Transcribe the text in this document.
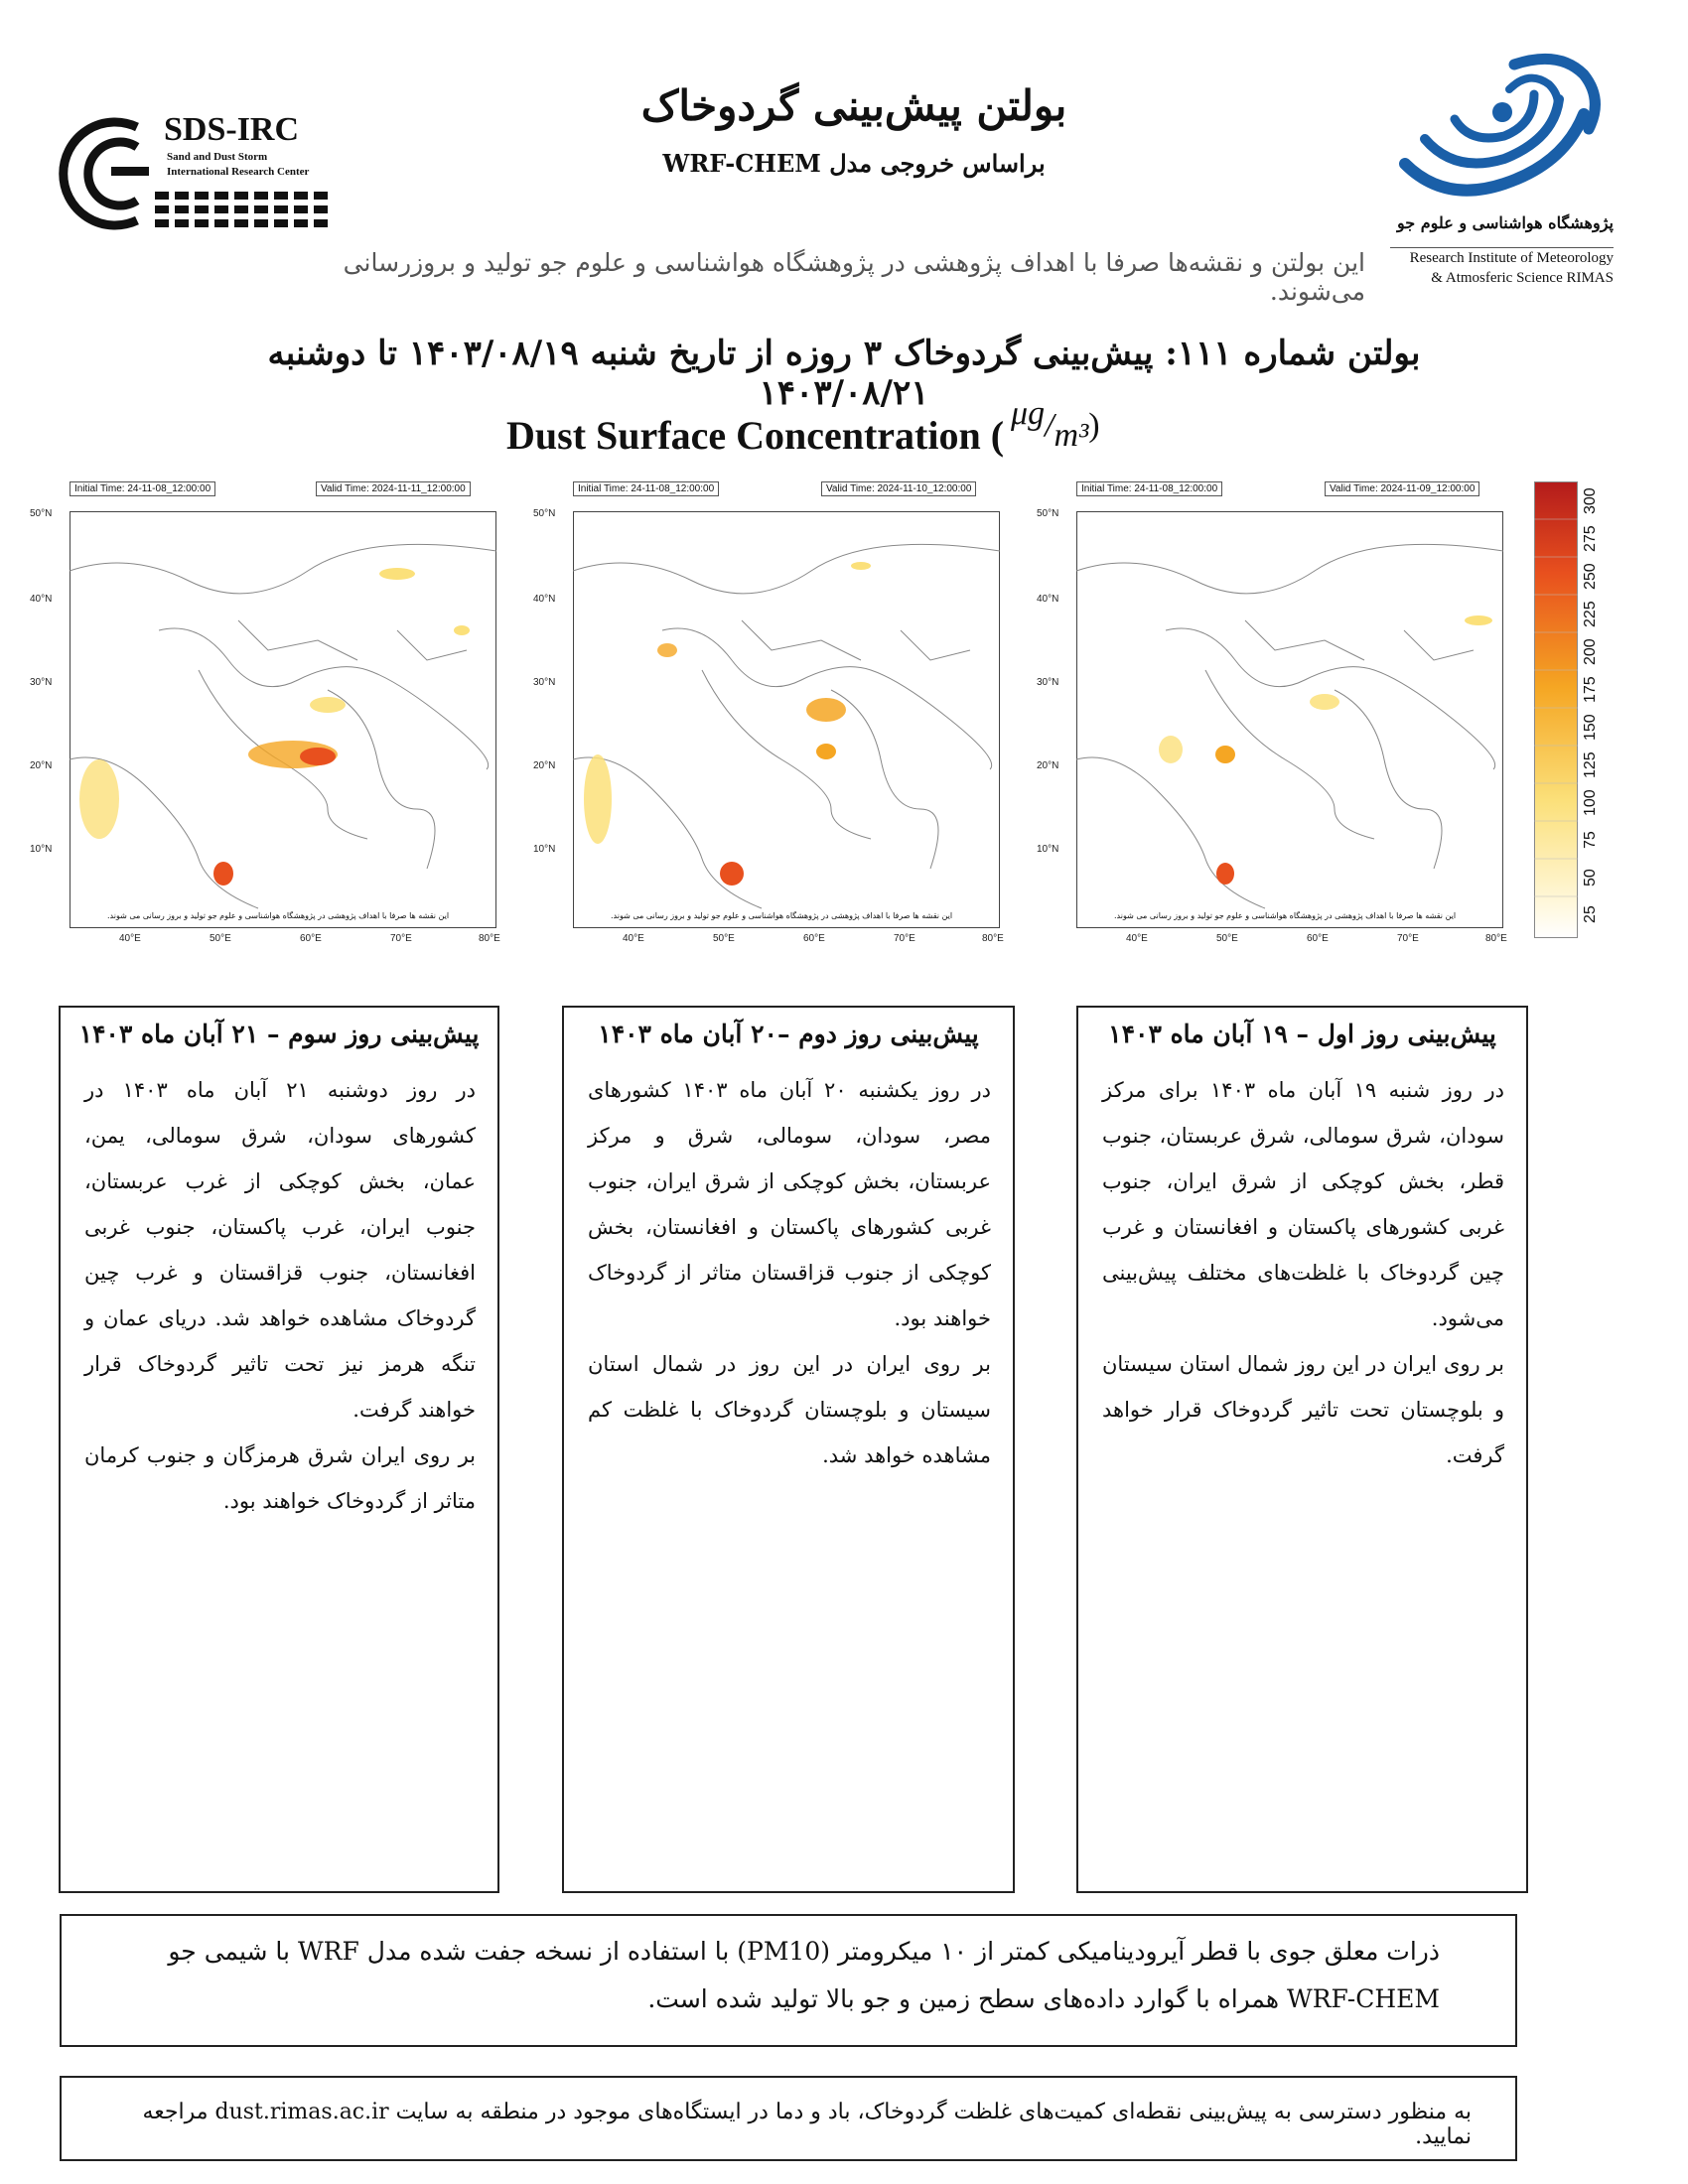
SDS-IRC
Sand and Dust Storm
International Research Center
بولتن پیش‌بینی گردوخاک
براساس خروجی مدل WRF-CHEM
پژوهشگاه هواشناسی و علوم جو
Research Institute of Meteorology
& Atmosferic Science RIMAS
این بولتن و نقشه‌ها صرفا با اهداف پژوهشی در پژوهشگاه هواشناسی و علوم جو تولید و بروزرسانی می‌شوند.
بولتن شماره ۱۱۱: پیش‌بینی گردوخاک ۳ روزه از تاریخ شنبه ۱۴۰۳/۰۸/۱۹ تا دوشنبه ۱۴۰۳/۰۸/۲۱
Dust Surface Concentration ( μg/m³)
Initial Time: 24-11-08_12:00:00	Valid Time: 2024-11-11_12:00:00
50°N
40°N
30°N
20°N
10°N
40°E	50°E	60°E	70°E	80°E
این نقشه ها صرفا با اهداف پژوهشی در پژوهشگاه هواشناسی و علوم جو تولید و بروز رسانی می شوند.
Initial Time: 24-11-08_12:00:00	Valid Time: 2024-11-10_12:00:00
50°N
40°N
30°N
20°N
10°N
40°E	50°E	60°E	70°E	80°E
این نقشه ها صرفا با اهداف پژوهشی در پژوهشگاه هواشناسی و علوم جو تولید و بروز رسانی می شوند.
Initial Time: 24-11-08_12:00:00	Valid Time: 2024-11-09_12:00:00
50°N
40°N
30°N
20°N
10°N
40°E	50°E	60°E	70°E	80°E
این نقشه ها صرفا با اهداف پژوهشی در پژوهشگاه هواشناسی و علوم جو تولید و بروز رسانی می شوند.	25
50
75
100
125
150
175
200
225
250
275
300
پیش‌بینی روز سوم – ۲۱ آبان ماه ۱۴۰۳

در روز دوشنبه ۲۱ آبان ماه ۱۴۰۳ در کشورهای سودان، شرق سومالی، یمن، عمان، بخش کوچکی از غرب عربستان، جنوب ایران، غرب پاکستان، جنوب غربی افغانستان، جنوب قزاقستان و غرب چین گردوخاک مشاهده خواهد شد. دریای عمان و تنگه هرمز نیز تحت تاثیر گردوخاک قرار خواهند گرفت.

بر روی ایران شرق هرمزگان و جنوب کرمان متاثر از گردوخاک خواهند بود.

پیش‌بینی روز دوم –۲۰ آبان ماه ۱۴۰۳

در روز یکشنبه ۲۰ آبان ماه ۱۴۰۳ کشورهای مصر، سودان، سومالی، شرق و مرکز عربستان، بخش کوچکی از شرق ایران، جنوب غربی کشورهای پاکستان و افغانستان، بخش کوچکی از جنوب قزاقستان متاثر از گردوخاک خواهند بود.

بر روی ایران در این روز در شمال استان سیستان و بلوچستان گردوخاک با غلظت کم مشاهده خواهد شد.

پیش‌بینی روز اول – ۱۹ آبان ماه ۱۴۰۳

در روز شنبه ۱۹ آبان ماه ۱۴۰۳ برای مرکز سودان، شرق سومالی، شرق عربستان، جنوب قطر، بخش کوچکی از شرق ایران، جنوب غربی کشورهای پاکستان و افغانستان و غرب چین گردوخاک با غلظت‌های مختلف پیش‌بینی می‌شود.

بر روی ایران در این روز شمال استان سیستان و بلوچستان تحت تاثیر گردوخاک قرار خواهد گرفت.

ذرات معلق جوی با قطر آیرودینامیکی کمتر از ۱۰ میکرومتر (PM10) با استفاده از نسخه جفت شده مدل WRF با شیمی جو
WRF-CHEM همراه با گوارد داده‌های سطح زمین و جو بالا تولید شده است.
به منظور دسترسی به پیش‌بینی نقطه‌ای کمیت‌های غلظت گردوخاک، باد و دما در ایستگاه‌های موجود در منطقه به سایت dust.rimas.ac.ir مراجعه نمایید.
